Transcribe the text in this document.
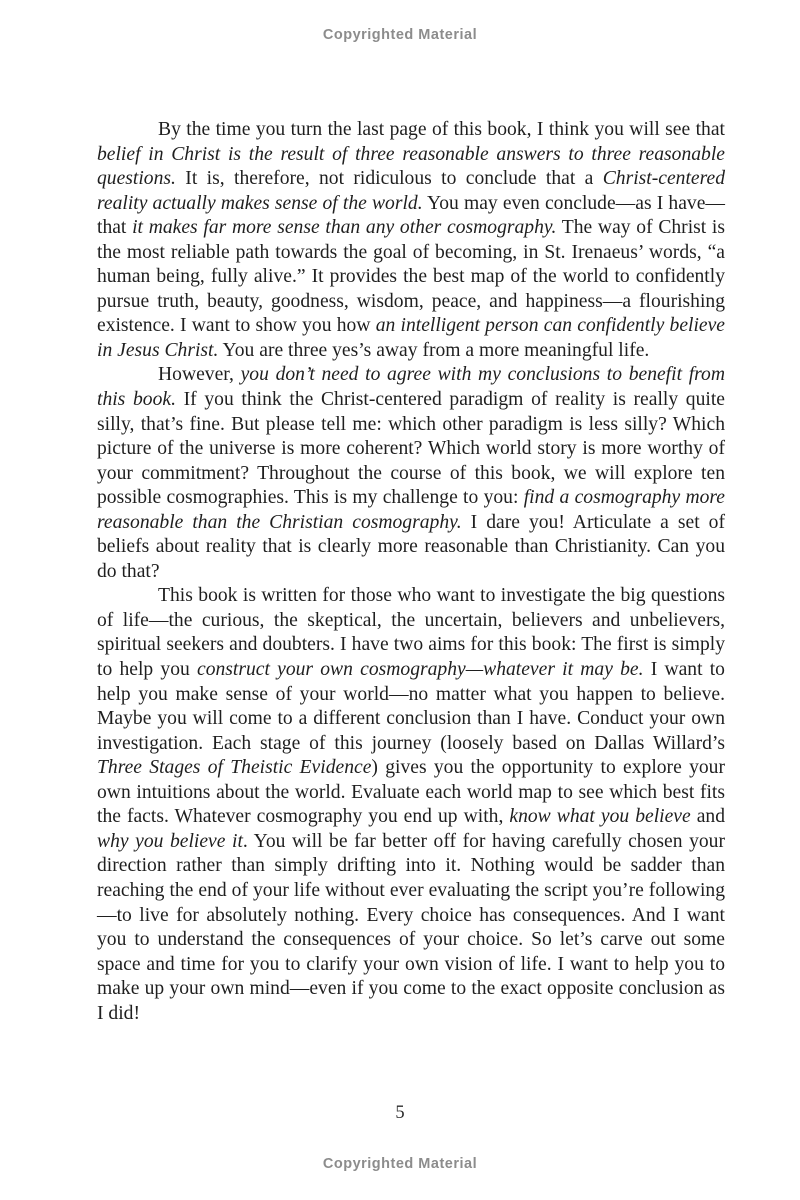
Copyrighted Material

By the time you turn the last page of this book, I think you will see that belief in Christ is the result of three reasonable answers to three reasonable questions. It is, therefore, not ridiculous to conclude that a Christ-centered reality actually makes sense of the world. You may even conclude—as I have—that it makes far more sense than any other cosmography. The way of Christ is the most reliable path towards the goal of becoming, in St. Irenaeus’ words, “a human being, fully alive.” It provides the best map of the world to confidently pursue truth, beauty, goodness, wisdom, peace, and happiness—a flourishing existence. I want to show you how an intelligent person can confidently believe in Jesus Christ. You are three yes’s away from a more meaningful life.

However, you don’t need to agree with my conclusions to benefit from this book. If you think the Christ-centered paradigm of reality is really quite silly, that’s fine. But please tell me: which other paradigm is less silly? Which picture of the universe is more coherent? Which world story is more worthy of your commitment? Throughout the course of this book, we will explore ten possible cosmographies. This is my challenge to you: find a cosmography more reasonable than the Christian cosmography. I dare you! Articulate a set of beliefs about reality that is clearly more reasonable than Christianity. Can you do that?

This book is written for those who want to investigate the big questions of life—the curious, the skeptical, the uncertain, believers and unbelievers, spiritual seekers and doubters. I have two aims for this book: The first is simply to help you construct your own cosmography—whatever it may be. I want to help you make sense of your world—no matter what you happen to believe. Maybe you will come to a different conclusion than I have. Conduct your own investigation. Each stage of this journey (loosely based on Dallas Willard’s Three Stages of Theistic Evidence) gives you the opportunity to explore your own intuitions about the world. Evaluate each world map to see which best fits the facts. Whatever cosmography you end up with, know what you believe and why you believe it. You will be far better off for having carefully chosen your direction rather than simply drifting into it. Nothing would be sadder than reaching the end of your life without ever evaluating the script you’re following—to live for absolutely nothing. Every choice has consequences. And I want you to understand the consequences of your choice. So let’s carve out some space and time for you to clarify your own vision of life. I want to help you to make up your own mind—even if you come to the exact opposite conclusion as I did!

5
Copyrighted Material
